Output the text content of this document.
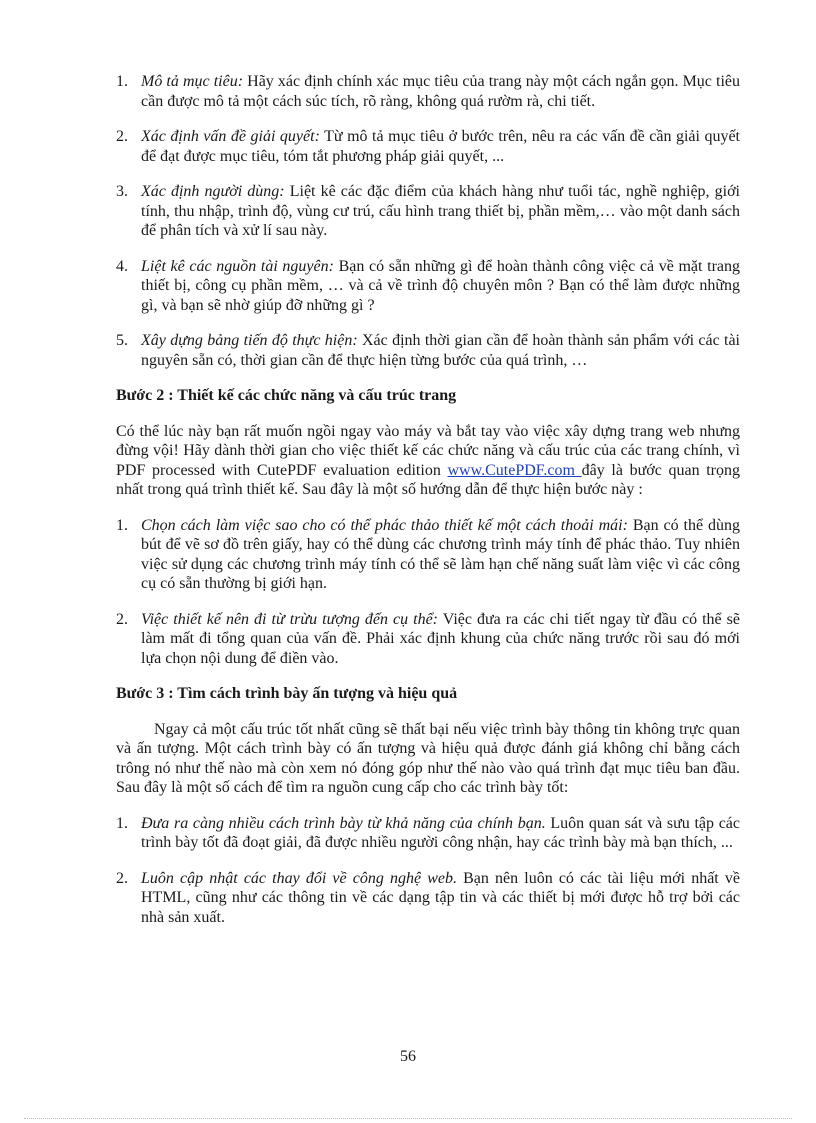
1. Mô tả mục tiêu: Hãy xác định chính xác mục tiêu của trang này một cách ngắn gọn. Mục tiêu cần được mô tả một cách súc tích, rõ ràng, không quá rườm rà, chi tiết.
2. Xác định vấn đề giải quyết: Từ mô tả mục tiêu ở bước trên, nêu ra các vấn đề cần giải quyết để đạt được mục tiêu, tóm tắt phương pháp giải quyết, ...
3. Xác định người dùng: Liệt kê các đặc điểm của khách hàng như tuổi tác, nghề nghiệp, giới tính, thu nhập, trình độ, vùng cư trú, cấu hình trang thiết bị, phần mềm,… vào một danh sách để phân tích và xử lí sau này.
4. Liệt kê các nguồn tài nguyên: Bạn có sẵn những gì để hoàn thành công việc cả về mặt trang thiết bị, công cụ phần mềm, … và cả về trình độ chuyên môn ? Bạn có thể làm được những gì, và bạn sẽ nhờ giúp đỡ những gì ?
5. Xây dựng bảng tiến độ thực hiện: Xác định thời gian cần để hoàn thành sản phẩm với các tài nguyên sẵn có, thời gian cần để thực hiện từng bước của quá trình, …
Bước 2 : Thiết kế các chức năng và cấu trúc trang

Có thể lúc này bạn rất muốn ngồi ngay vào máy và bắt tay vào việc xây dựng trang web nhưng đừng vội! Hãy dành thời gian cho việc thiết kế các chức năng và cấu trúc của các trang chính, vì PDF processed with CutePDF evaluation edition www.CutePDF.com đây là bước quan trọng nhất trong quá trình thiết kế. Sau đây là một số hướng dẫn để thực hiện bước này :

1. Chọn cách làm việc sao cho có thể phác thảo thiết kế một cách thoải mái: Bạn có thể dùng bút để vẽ sơ đồ trên giấy, hay có thể dùng các chương trình máy tính để phác thảo. Tuy nhiên việc sử dụng các chương trình máy tính có thể sẽ làm hạn chế năng suất làm việc vì các công cụ có sẵn thường bị giới hạn.
2. Việc thiết kế nên đi từ trừu tượng đến cụ thể: Việc đưa ra các chi tiết ngay từ đầu có thể sẽ làm mất đi tổng quan của vấn đề. Phải xác định khung của chức năng trước rồi sau đó mới lựa chọn nội dung để điền vào.
Bước 3 : Tìm cách trình bày ấn tượng và hiệu quả

Ngay cả một cấu trúc tốt nhất cũng sẽ thất bại nếu việc trình bày thông tin không trực quan và ấn tượng. Một cách trình bày có ấn tượng và hiệu quả được đánh giá không chỉ bằng cách trông nó như thế nào mà còn xem nó đóng góp như thế nào vào quá trình đạt mục tiêu ban đầu. Sau đây là một số cách để tìm ra nguồn cung cấp cho các trình bày tốt:

1. Đưa ra càng nhiều cách trình bày từ khả năng của chính bạn. Luôn quan sát và sưu tập các trình bày tốt đã đoạt giải, đã được nhiều người công nhận, hay các trình bày mà bạn thích, ...
2. Luôn cập nhật các thay đổi về công nghệ web. Bạn nên luôn có các tài liệu mới nhất về HTML, cũng như các thông tin về các dạng tập tin và các thiết bị mới được hỗ trợ bởi các nhà sản xuất.
56
